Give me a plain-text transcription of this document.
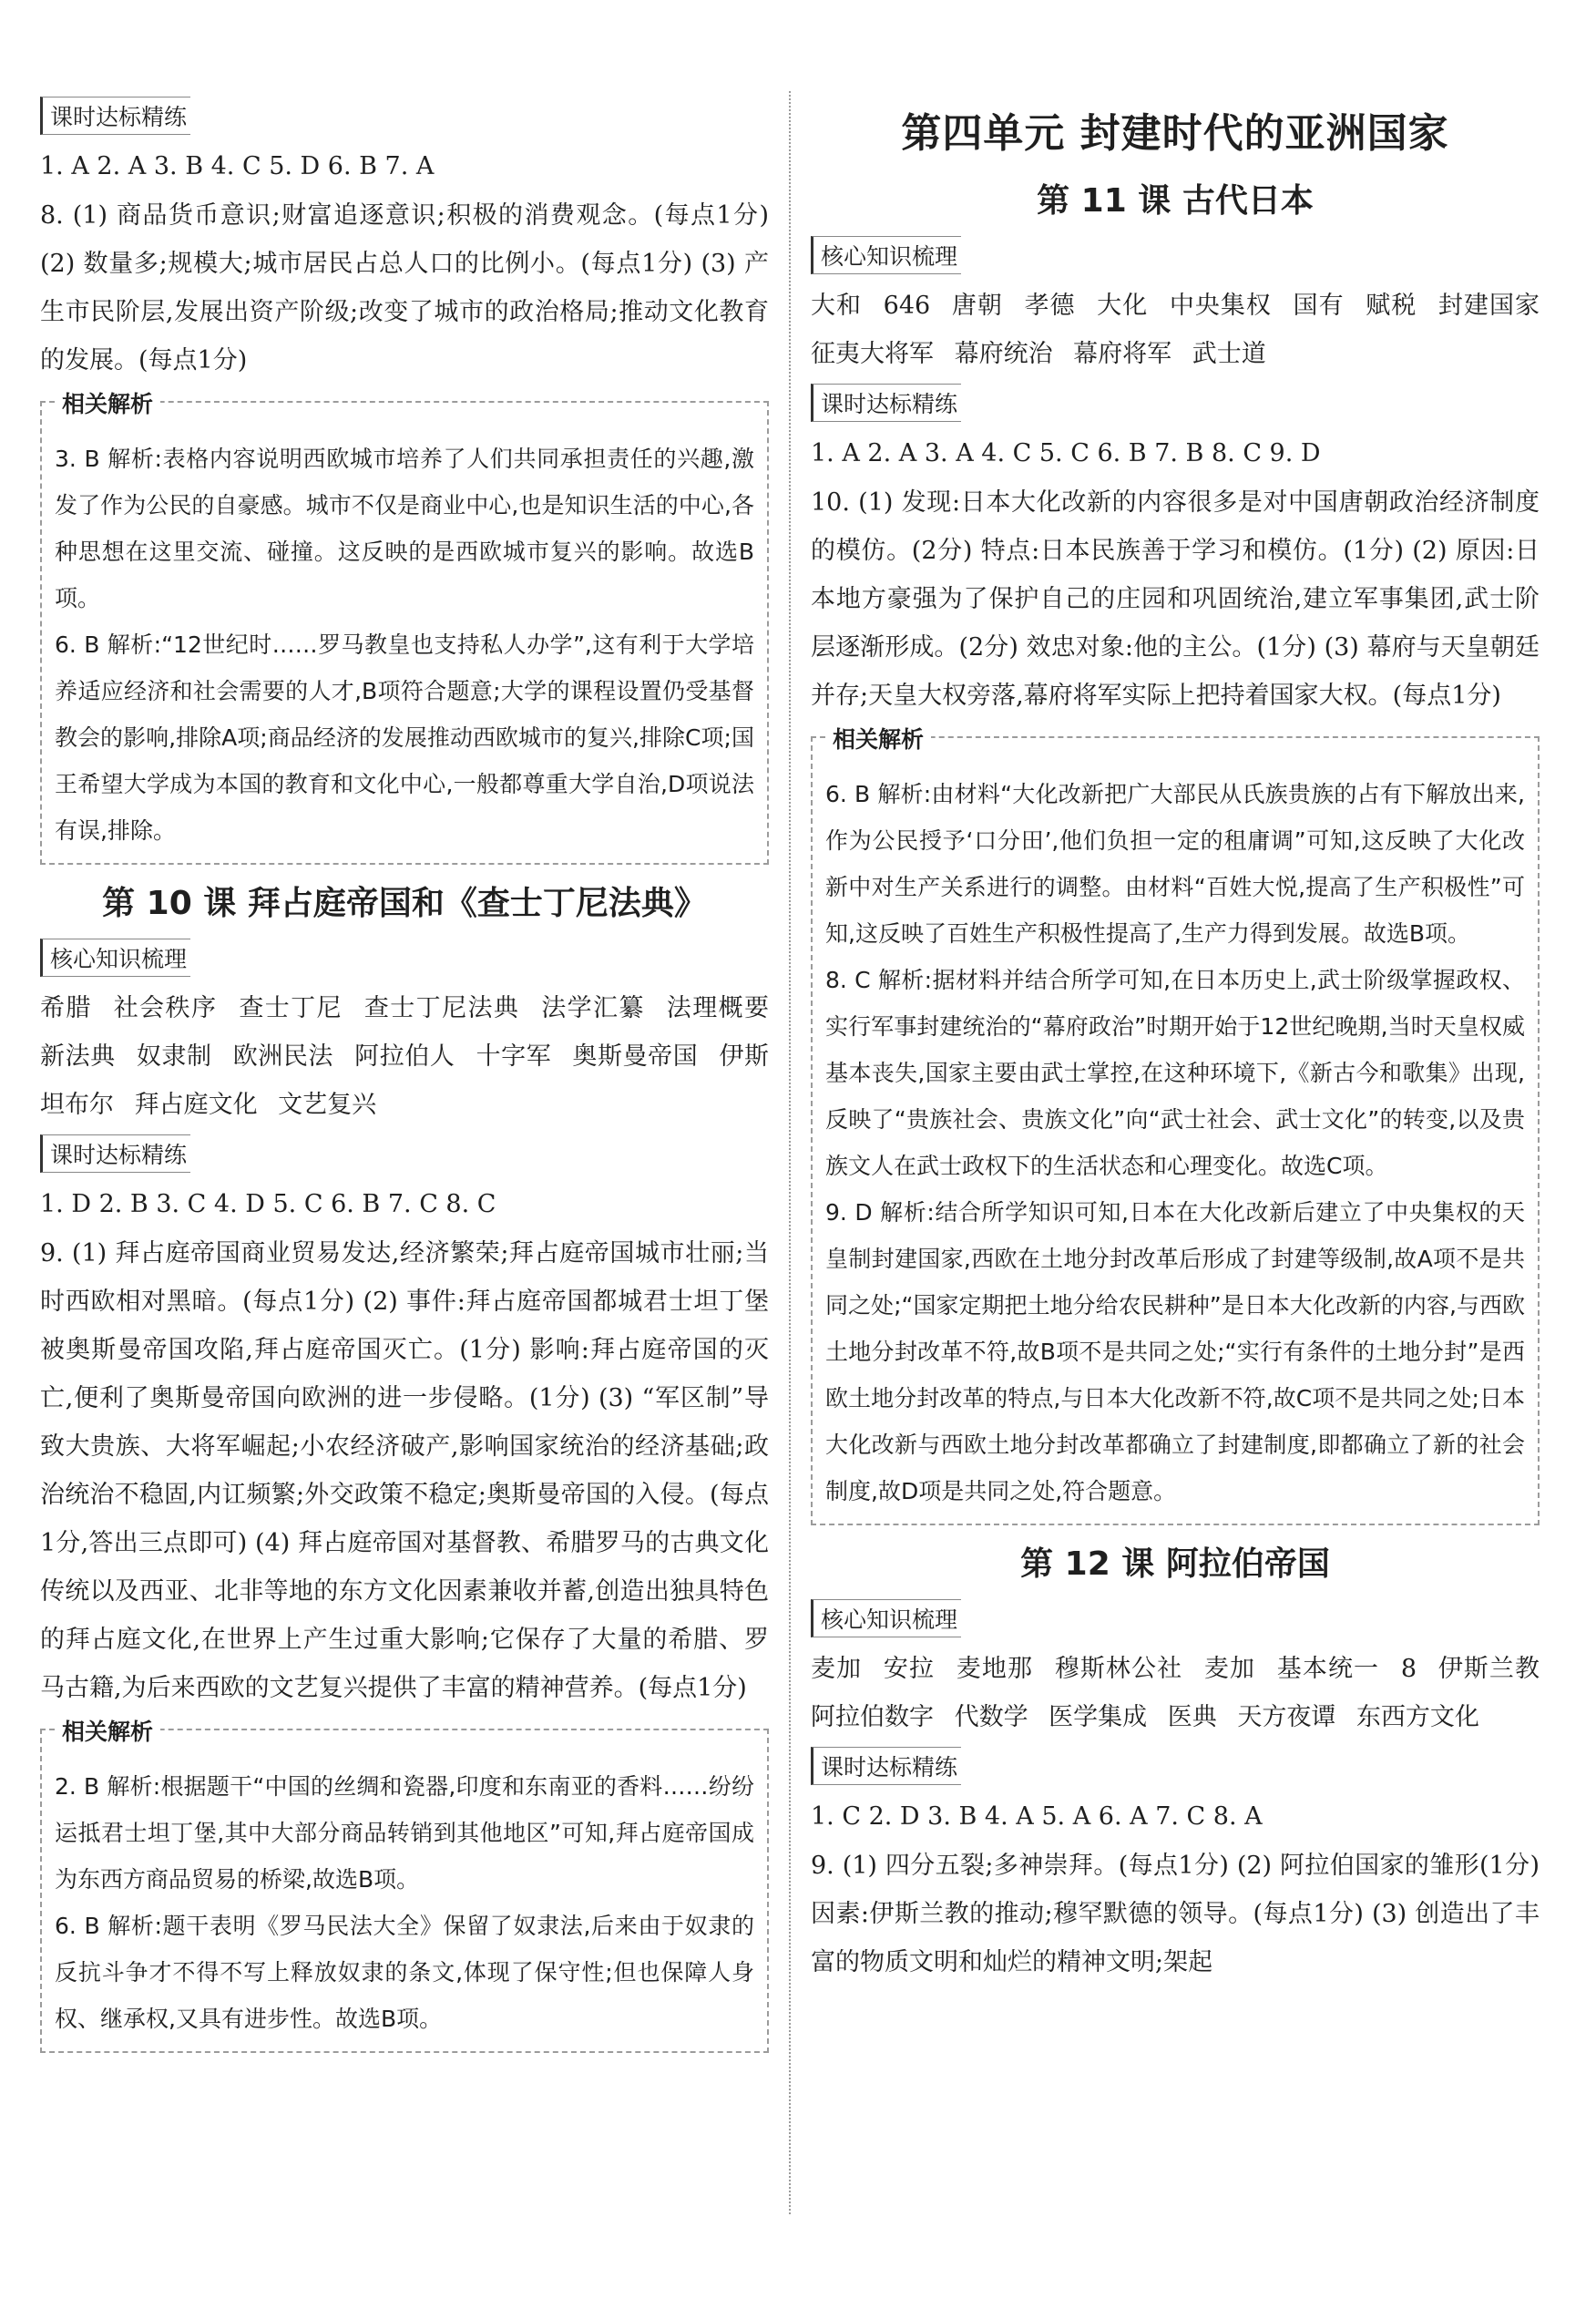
课时达标精练

1. A 2. A 3. B 4. C 5. D 6. B 7. A

8. (1) 商品货币意识;财富追逐意识;积极的消费观念。(每点1分) (2) 数量多;规模大;城市居民占总人口的比例小。(每点1分) (3) 产生市民阶层,发展出资产阶级;改变了城市的政治格局;推动文化教育的发展。(每点1分)

相关解析

3. B 解析:表格内容说明西欧城市培养了人们共同承担责任的兴趣,激发了作为公民的自豪感。城市不仅是商业中心,也是知识生活的中心,各种思想在这里交流、碰撞。这反映的是西欧城市复兴的影响。故选B项。

6. B 解析:“12世纪时……罗马教皇也支持私人办学”,这有利于大学培养适应经济和社会需要的人才,B项符合题意;大学的课程设置仍受基督教会的影响,排除A项;商品经济的发展推动西欧城市的复兴,排除C项;国王希望大学成为本国的教育和文化中心,一般都尊重大学自治,D项说法有误,排除。

第 10 课 拜占庭帝国和《查士丁尼法典》
核心知识梳理

希腊 社会秩序 查士丁尼 查士丁尼法典 法学汇纂 法理概要 新法典 奴隶制 欧洲民法 阿拉伯人 十字军 奥斯曼帝国 伊斯坦布尔 拜占庭文化 文艺复兴

课时达标精练

1. D 2. B 3. C 4. D 5. C 6. B 7. C 8. C

9. (1) 拜占庭帝国商业贸易发达,经济繁荣;拜占庭帝国城市壮丽;当时西欧相对黑暗。(每点1分) (2) 事件:拜占庭帝国都城君士坦丁堡被奥斯曼帝国攻陷,拜占庭帝国灭亡。(1分) 影响:拜占庭帝国的灭亡,便利了奥斯曼帝国向欧洲的进一步侵略。(1分) (3) “军区制”导致大贵族、大将军崛起;小农经济破产,影响国家统治的经济基础;政治统治不稳固,内讧频繁;外交政策不稳定;奥斯曼帝国的入侵。(每点1分,答出三点即可) (4) 拜占庭帝国对基督教、希腊罗马的古典文化传统以及西亚、北非等地的东方文化因素兼收并蓄,创造出独具特色的拜占庭文化,在世界上产生过重大影响;它保存了大量的希腊、罗马古籍,为后来西欧的文艺复兴提供了丰富的精神营养。(每点1分)

相关解析

2. B 解析:根据题干“中国的丝绸和瓷器,印度和东南亚的香料……纷纷运抵君士坦丁堡,其中大部分商品转销到其他地区”可知,拜占庭帝国成为东西方商品贸易的桥梁,故选B项。

6. B 解析:题干表明《罗马民法大全》保留了奴隶法,后来由于奴隶的反抗斗争才不得不写上释放奴隶的条文,体现了保守性;但也保障人身权、继承权,又具有进步性。故选B项。

第四单元 封建时代的亚洲国家
第 11 课 古代日本
核心知识梳理

大和 646 唐朝 孝德 大化 中央集权 国有 赋税 封建国家 征夷大将军 幕府统治 幕府将军 武士道

课时达标精练

1. A 2. A 3. A 4. C 5. C 6. B 7. B 8. C 9. D

10. (1) 发现:日本大化改新的内容很多是对中国唐朝政治经济制度的模仿。(2分) 特点:日本民族善于学习和模仿。(1分) (2) 原因:日本地方豪强为了保护自己的庄园和巩固统治,建立军事集团,武士阶层逐渐形成。(2分) 效忠对象:他的主公。(1分) (3) 幕府与天皇朝廷并存;天皇大权旁落,幕府将军实际上把持着国家大权。(每点1分)

相关解析

6. B 解析:由材料“大化改新把广大部民从氏族贵族的占有下解放出来,作为公民授予‘口分田’,他们负担一定的租庸调”可知,这反映了大化改新中对生产关系进行的调整。由材料“百姓大悦,提高了生产积极性”可知,这反映了百姓生产积极性提高了,生产力得到发展。故选B项。

8. C 解析:据材料并结合所学可知,在日本历史上,武士阶级掌握政权、实行军事封建统治的“幕府政治”时期开始于12世纪晚期,当时天皇权威基本丧失,国家主要由武士掌控,在这种环境下,《新古今和歌集》出现,反映了“贵族社会、贵族文化”向“武士社会、武士文化”的转变,以及贵族文人在武士政权下的生活状态和心理变化。故选C项。

9. D 解析:结合所学知识可知,日本在大化改新后建立了中央集权的天皇制封建国家,西欧在土地分封改革后形成了封建等级制,故A项不是共同之处;“国家定期把土地分给农民耕种”是日本大化改新的内容,与西欧土地分封改革不符,故B项不是共同之处;“实行有条件的土地分封”是西欧土地分封改革的特点,与日本大化改新不符,故C项不是共同之处;日本大化改新与西欧土地分封改革都确立了封建制度,即都确立了新的社会制度,故D项是共同之处,符合题意。

第 12 课 阿拉伯帝国
核心知识梳理

麦加 安拉 麦地那 穆斯林公社 麦加 基本统一 8 伊斯兰教 阿拉伯数字 代数学 医学集成 医典 天方夜谭 东西方文化

课时达标精练

1. C 2. D 3. B 4. A 5. A 6. A 7. C 8. A

9. (1) 四分五裂;多神崇拜。(每点1分) (2) 阿拉伯国家的雏形(1分) 因素:伊斯兰教的推动;穆罕默德的领导。(每点1分) (3) 创造出了丰富的物质文明和灿烂的精神文明;架起
